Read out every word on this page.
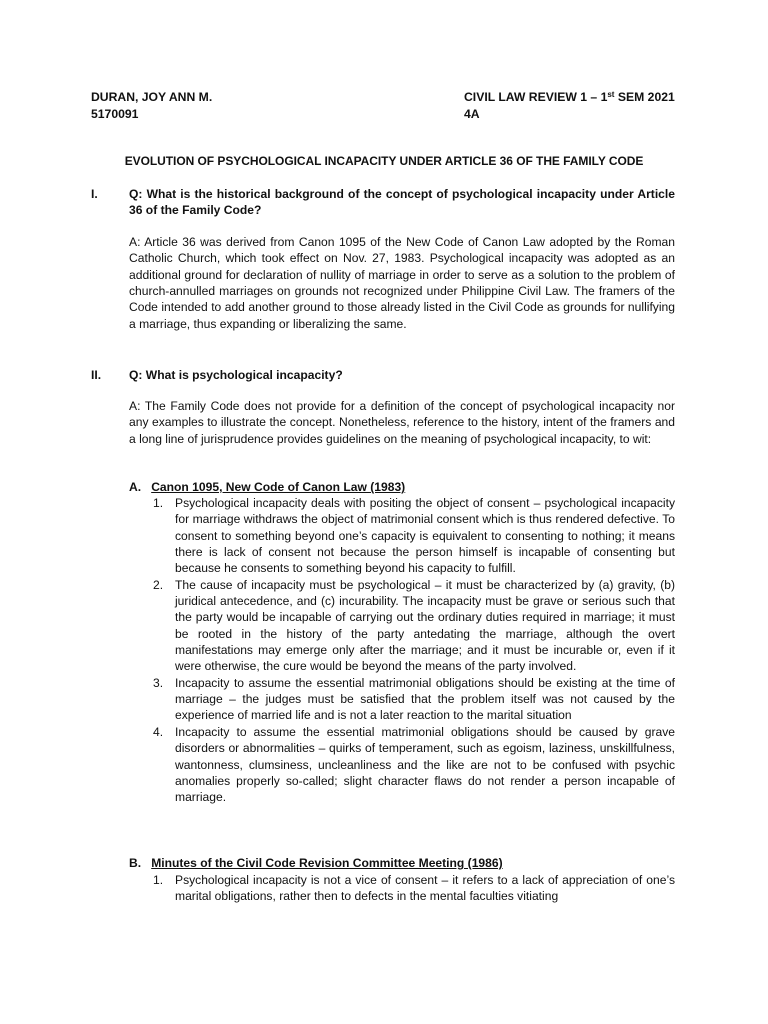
DURAN, JOY ANN M.
5170091
CIVIL LAW REVIEW 1 – 1st SEM 2021
4A
EVOLUTION OF PSYCHOLOGICAL INCAPACITY UNDER ARTICLE 36 OF THE FAMILY CODE
I.	Q: What is the historical background of the concept of psychological incapacity under Article 36 of the Family Code?
A: Article 36 was derived from Canon 1095 of the New Code of Canon Law adopted by the Roman Catholic Church, which took effect on Nov. 27, 1983. Psychological incapacity was adopted as an additional ground for declaration of nullity of marriage in order to serve as a solution to the problem of church-annulled marriages on grounds not recognized under Philippine Civil Law. The framers of the Code intended to add another ground to those already listed in the Civil Code as grounds for nullifying a marriage, thus expanding or liberalizing the same.
II. Q: What is psychological incapacity?
A: The Family Code does not provide for a definition of the concept of psychological incapacity nor any examples to illustrate the concept. Nonetheless, reference to the history, intent of the framers and a long line of jurisprudence provides guidelines on the meaning of psychological incapacity, to wit:
A. Canon 1095, New Code of Canon Law (1983)
1. Psychological incapacity deals with positing the object of consent – psychological incapacity for marriage withdraws the object of matrimonial consent which is thus rendered defective. To consent to something beyond one’s capacity is equivalent to consenting to nothing; it means there is lack of consent not because the person himself is incapable of consenting but because he consents to something beyond his capacity to fulfill.
2. The cause of incapacity must be psychological – it must be characterized by (a) gravity, (b) juridical antecedence, and (c) incurability. The incapacity must be grave or serious such that the party would be incapable of carrying out the ordinary duties required in marriage; it must be rooted in the history of the party antedating the marriage, although the overt manifestations may emerge only after the marriage; and it must be incurable or, even if it were otherwise, the cure would be beyond the means of the party involved.
3. Incapacity to assume the essential matrimonial obligations should be existing at the time of marriage – the judges must be satisfied that the problem itself was not caused by the experience of married life and is not a later reaction to the marital situation
4. Incapacity to assume the essential matrimonial obligations should be caused by grave disorders or abnormalities – quirks of temperament, such as egoism, laziness, unskillfulness, wantonness, clumsiness, uncleanliness and the like are not to be confused with psychic anomalies properly so-called; slight character flaws do not render a person incapable of marriage.
B. Minutes of the Civil Code Revision Committee Meeting (1986)
1. Psychological incapacity is not a vice of consent – it refers to a lack of appreciation of one’s marital obligations, rather then to defects in the mental faculties vitiating
